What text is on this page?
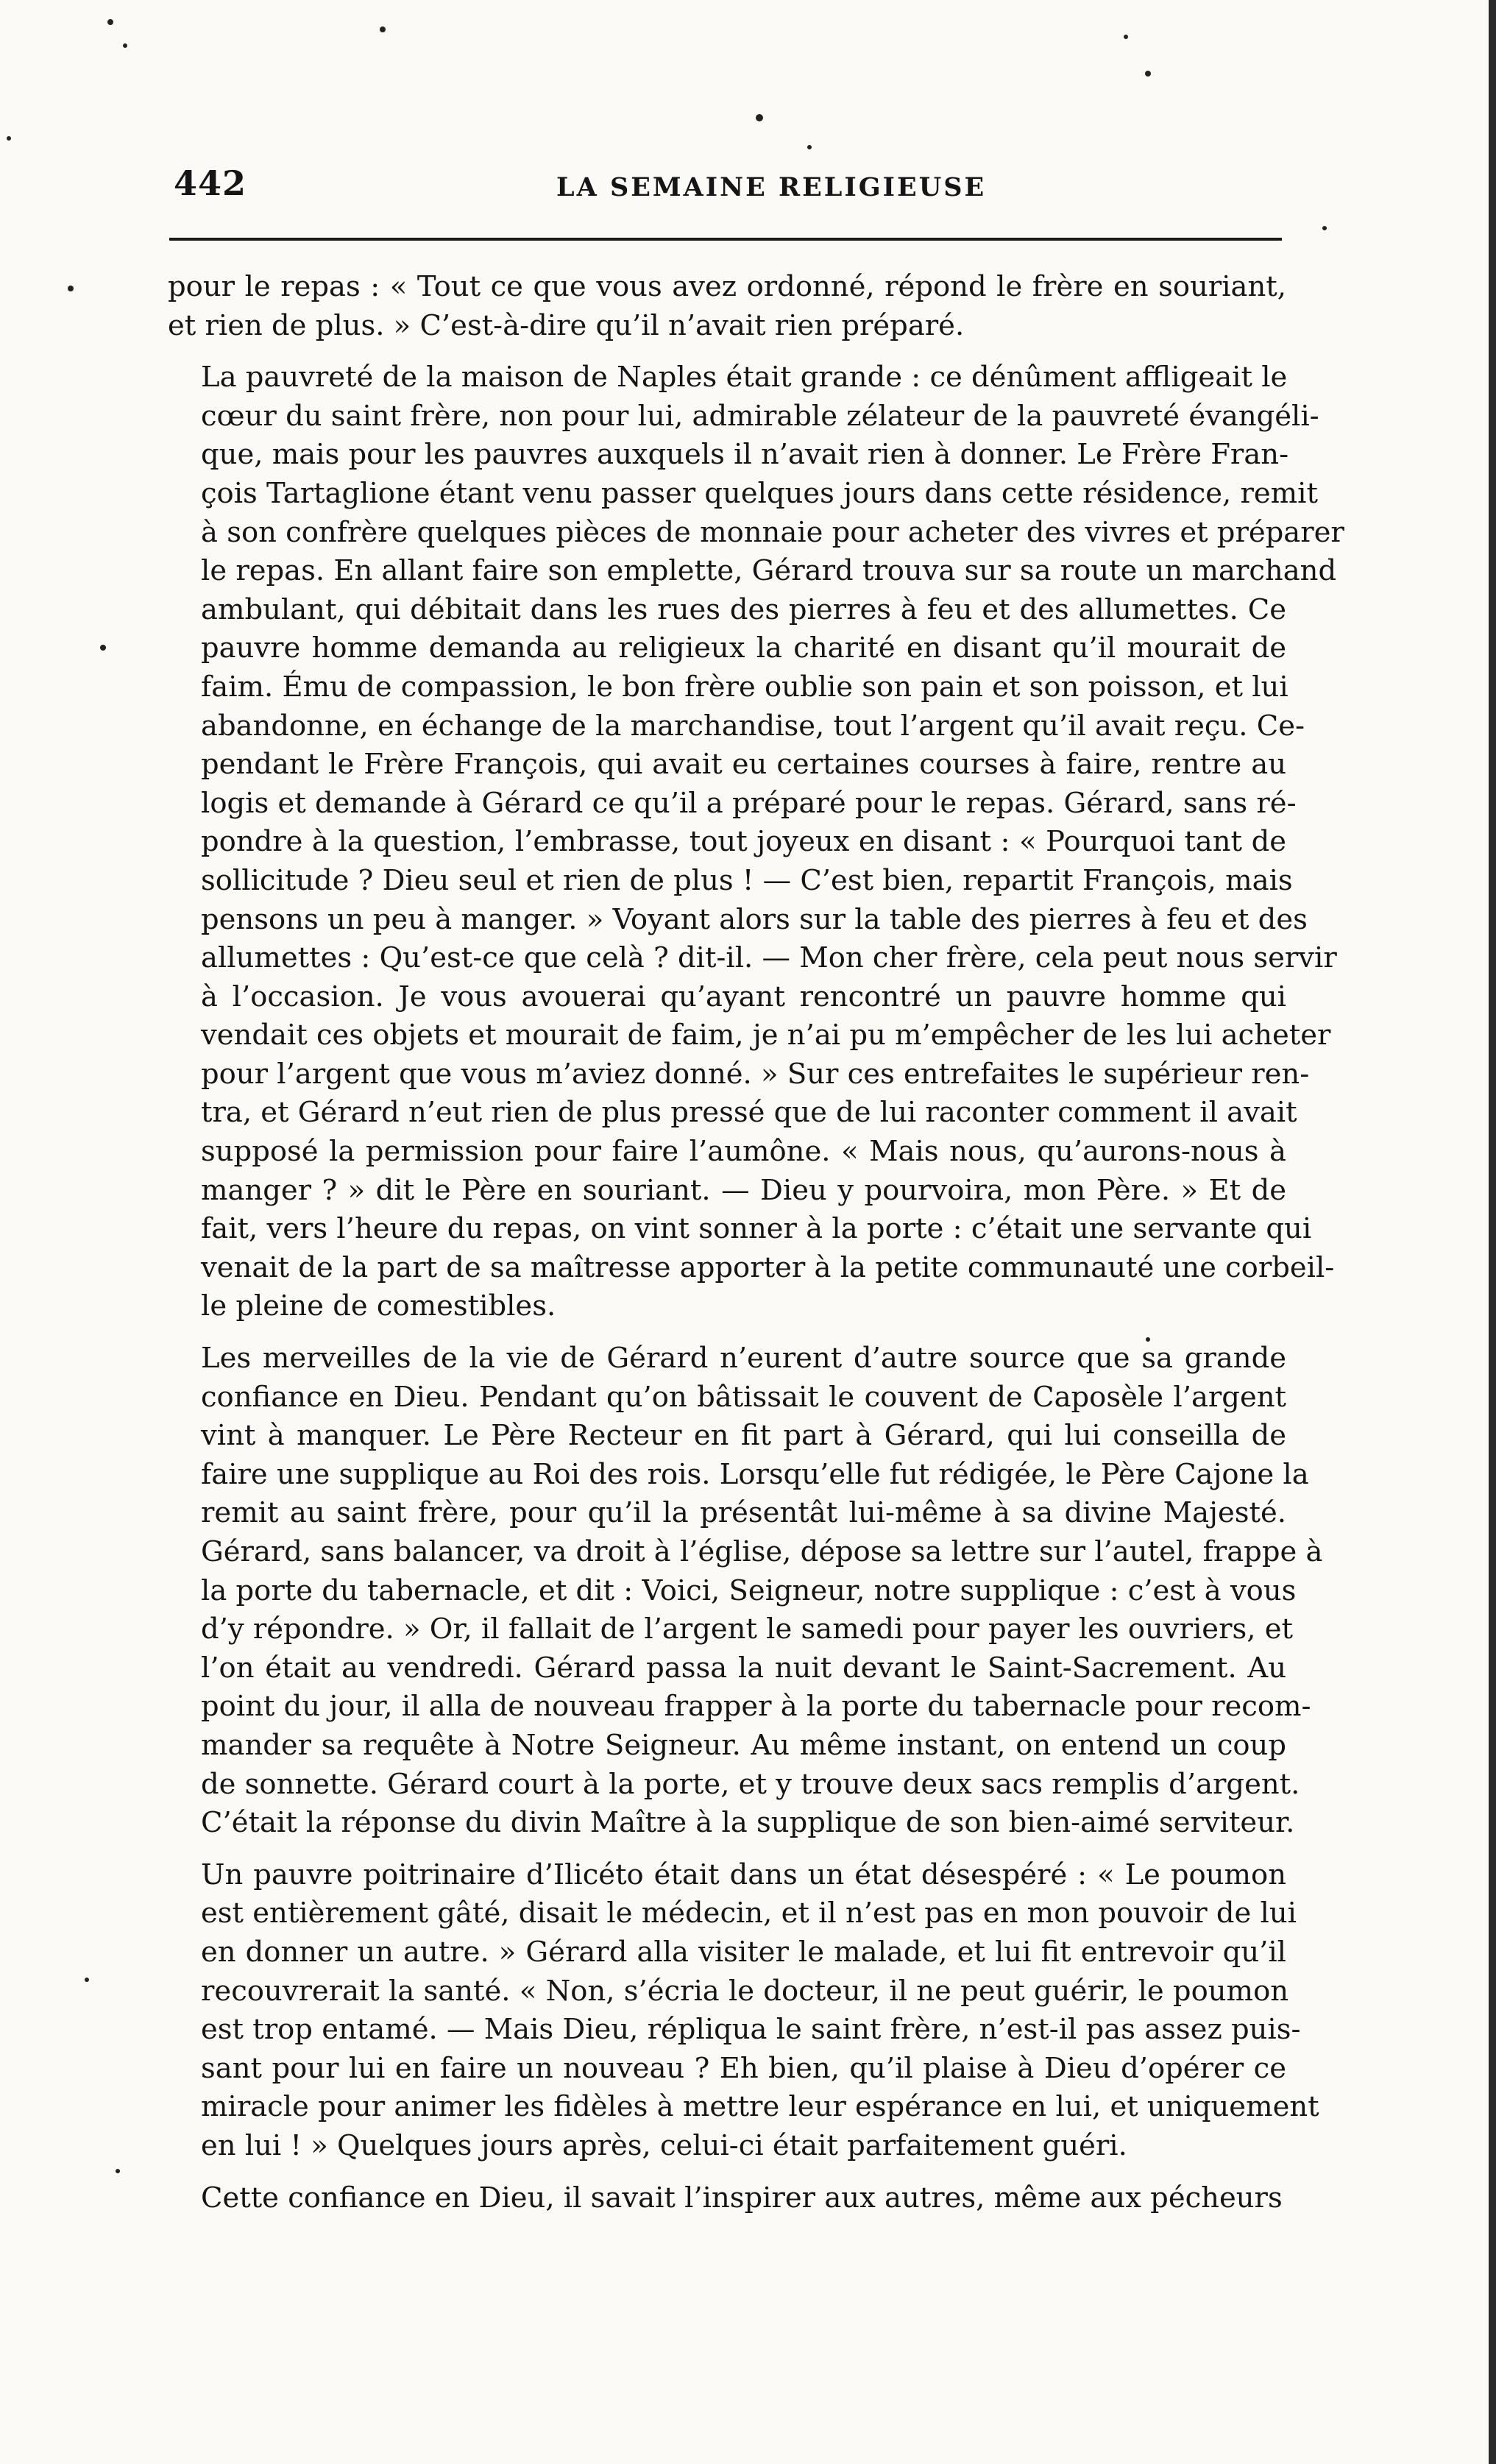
442	LA SEMAINE RELIGIEUSE
pour le repas : « Tout ce que vous avez ordonné, répond le frère en souriant,
et rien de plus. » C’est-à-dire qu’il n’avait rien préparé.
La pauvreté de la maison de Naples était grande : ce dénûment affligeait le
cœur du saint frère, non pour lui, admirable zélateur de la pauvreté évangéli-
que, mais pour les pauvres auxquels il n’avait rien à donner. Le Frère Fran-
çois Tartaglione étant venu passer quelques jours dans cette résidence, remit
à son confrère quelques pièces de monnaie pour acheter des vivres et préparer
le repas. En allant faire son emplette, Gérard trouva sur sa route un marchand
ambulant, qui débitait dans les rues des pierres à feu et des allumettes. Ce
pauvre homme demanda au religieux la charité en disant qu’il mourait de
faim. Ému de compassion, le bon frère oublie son pain et son poisson, et lui
abandonne, en échange de la marchandise, tout l’argent qu’il avait reçu. Ce-
pendant le Frère François, qui avait eu certaines courses à faire, rentre au
logis et demande à Gérard ce qu’il a préparé pour le repas. Gérard, sans ré-
pondre à la question, l’embrasse, tout joyeux en disant : « Pourquoi tant de
sollicitude ? Dieu seul et rien de plus ! — C’est bien, repartit François, mais
pensons un peu à manger. » Voyant alors sur la table des pierres à feu et des
allumettes : Qu’est-ce que celà ? dit-il. — Mon cher frère, cela peut nous servir
à l’occasion. Je vous avouerai qu’ayant rencontré un pauvre homme qui
vendait ces objets et mourait de faim, je n’ai pu m’empêcher de les lui acheter
pour l’argent que vous m’aviez donné. » Sur ces entrefaites le supérieur ren-
tra, et Gérard n’eut rien de plus pressé que de lui raconter comment il avait
supposé la permission pour faire l’aumône. « Mais nous, qu’aurons-nous à
manger ? » dit le Père en souriant. — Dieu y pourvoira, mon Père. » Et de
fait, vers l’heure du repas, on vint sonner à la porte : c’était une servante qui
venait de la part de sa maîtresse apporter à la petite communauté une corbeil-
le pleine de comestibles.
Les merveilles de la vie de Gérard n’eurent d’autre source que sa grande
confiance en Dieu. Pendant qu’on bâtissait le couvent de Caposèle l’argent
vint à manquer. Le Père Recteur en fit part à Gérard, qui lui conseilla de
faire une supplique au Roi des rois. Lorsqu’elle fut rédigée, le Père Cajone la
remit au saint frère, pour qu’il la présentât lui-même à sa divine Majesté.
Gérard, sans balancer, va droit à l’église, dépose sa lettre sur l’autel, frappe à
la porte du tabernacle, et dit : Voici, Seigneur, notre supplique : c’est à vous
d’y répondre. » Or, il fallait de l’argent le samedi pour payer les ouvriers, et
l’on était au vendredi. Gérard passa la nuit devant le Saint-Sacrement. Au
point du jour, il alla de nouveau frapper à la porte du tabernacle pour recom-
mander sa requête à Notre Seigneur. Au même instant, on entend un coup
de sonnette. Gérard court à la porte, et y trouve deux sacs remplis d’argent.
C’était la réponse du divin Maître à la supplique de son bien-aimé serviteur.
Un pauvre poitrinaire d’Ilicéto était dans un état désespéré : « Le poumon
est entièrement gâté, disait le médecin, et il n’est pas en mon pouvoir de lui
en donner un autre. » Gérard alla visiter le malade, et lui fit entrevoir qu’il
recouvrerait la santé. « Non, s’écria le docteur, il ne peut guérir, le poumon
est trop entamé. — Mais Dieu, répliqua le saint frère, n’est-il pas assez puis-
sant pour lui en faire un nouveau ? Eh bien, qu’il plaise à Dieu d’opérer ce
miracle pour animer les fidèles à mettre leur espérance en lui, et uniquement
en lui ! » Quelques jours après, celui-ci était parfaitement guéri.
Cette confiance en Dieu, il savait l’inspirer aux autres, même aux pécheurs
